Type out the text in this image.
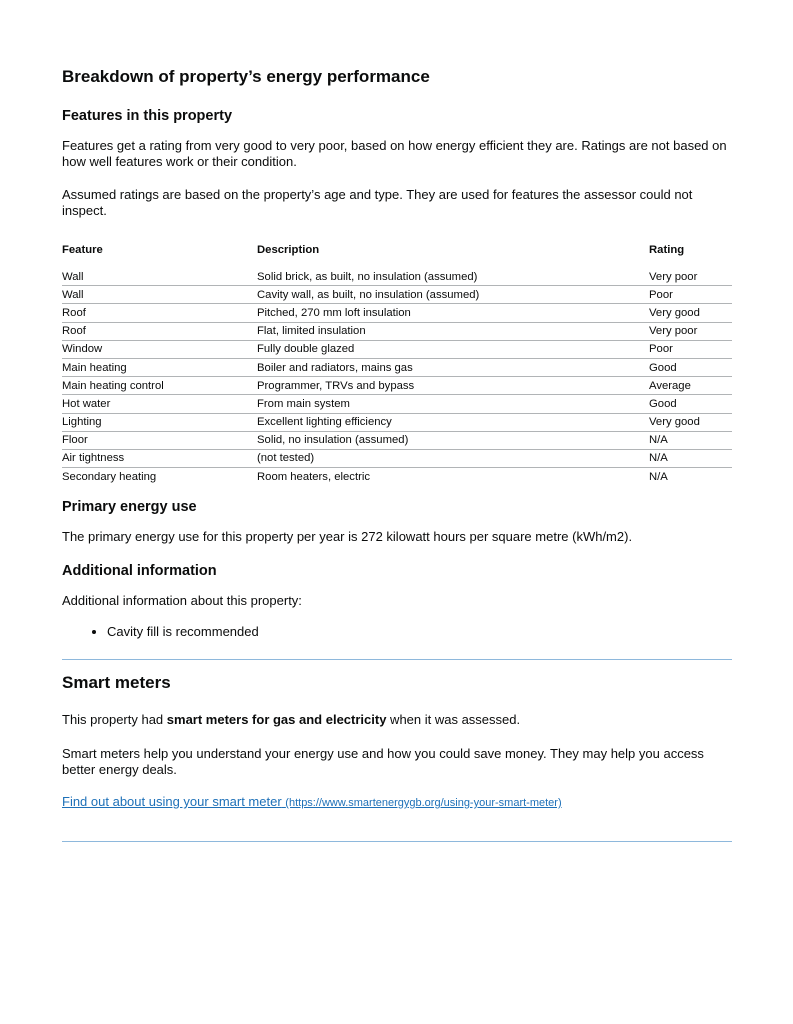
Breakdown of property’s energy performance
Features in this property

Features get a rating from very good to very poor, based on how energy efficient they are. Ratings are not based on how well features work or their condition.

Assumed ratings are based on the property’s age and type. They are used for features the assessor could not inspect.

Feature	Description	Rating
Wall	Solid brick, as built, no insulation (assumed)	Very poor
Wall	Cavity wall, as built, no insulation (assumed)	Poor
Roof	Pitched, 270 mm loft insulation	Very good
Roof	Flat, limited insulation	Very poor
Window	Fully double glazed	Poor
Main heating	Boiler and radiators, mains gas	Good
Main heating control	Programmer, TRVs and bypass	Average
Hot water	From main system	Good
Lighting	Excellent lighting efficiency	Very good
Floor	Solid, no insulation (assumed)	N/A
Air tightness	(not tested)	N/A
Secondary heating	Room heaters, electric	N/A
Primary energy use

The primary energy use for this property per year is 272 kilowatt hours per square metre (kWh/m2).

Additional information

Additional information about this property:

• Cavity fill is recommended
Smart meters

This property had smart meters for gas and electricity when it was assessed.

Smart meters help you understand your energy use and how you could save money. They may help you access better energy deals.

Find out about using your smart meter (https://www.smartenergygb.org/using-your-smart-meter)
